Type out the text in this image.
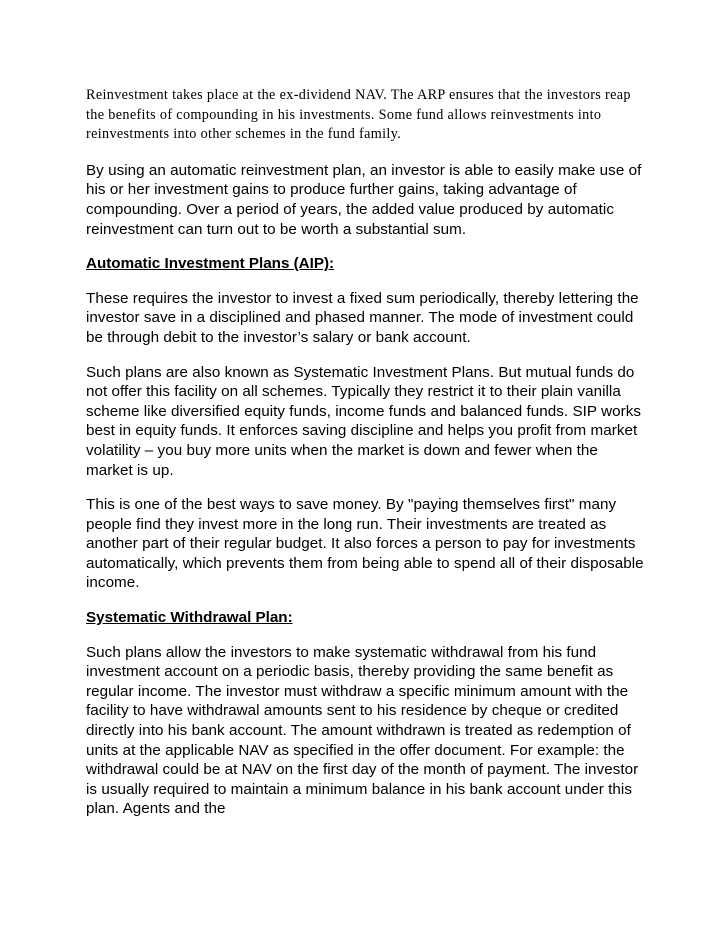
Reinvestment takes place at the ex-dividend NAV. The ARP ensures that the investors reap the benefits of compounding in his investments. Some fund allows reinvestments into reinvestments into other schemes in the fund family.

By using an automatic reinvestment plan, an investor is able to easily make use of his or her investment gains to produce further gains, taking advantage of compounding. Over a period of years, the added value produced by automatic reinvestment can turn out to be worth a substantial sum.

Automatic Investment Plans (AIP):

These requires the investor to invest a fixed sum periodically, thereby lettering the investor save in a disciplined and phased manner. The mode of investment could be through debit to the investor’s salary or bank account.

Such plans are also known as Systematic Investment Plans. But mutual funds do not offer this facility on all schemes. Typically they restrict it to their plain vanilla scheme like diversified equity funds, income funds and balanced funds. SIP works best in equity funds. It enforces saving discipline and helps you profit from market volatility – you buy more units when the market is down and fewer when the market is up.

This is one of the best ways to save money. By "paying themselves first" many people find they invest more in the long run. Their investments are treated as another part of their regular budget. It also forces a person to pay for investments automatically, which prevents them from being able to spend all of their disposable income.

Systematic Withdrawal Plan:

Such plans allow the investors to make systematic withdrawal from his fund investment account on a periodic basis, thereby providing the same benefit as regular income. The investor must withdraw a specific minimum amount with the facility to have withdrawal amounts sent to his residence by cheque or credited directly into his bank account. The amount withdrawn is treated as redemption of units at the applicable NAV as specified in the offer document. For example: the withdrawal could be at NAV on the first day of the month of payment. The investor is usually required to maintain a minimum balance in his bank account under this plan. Agents and the
